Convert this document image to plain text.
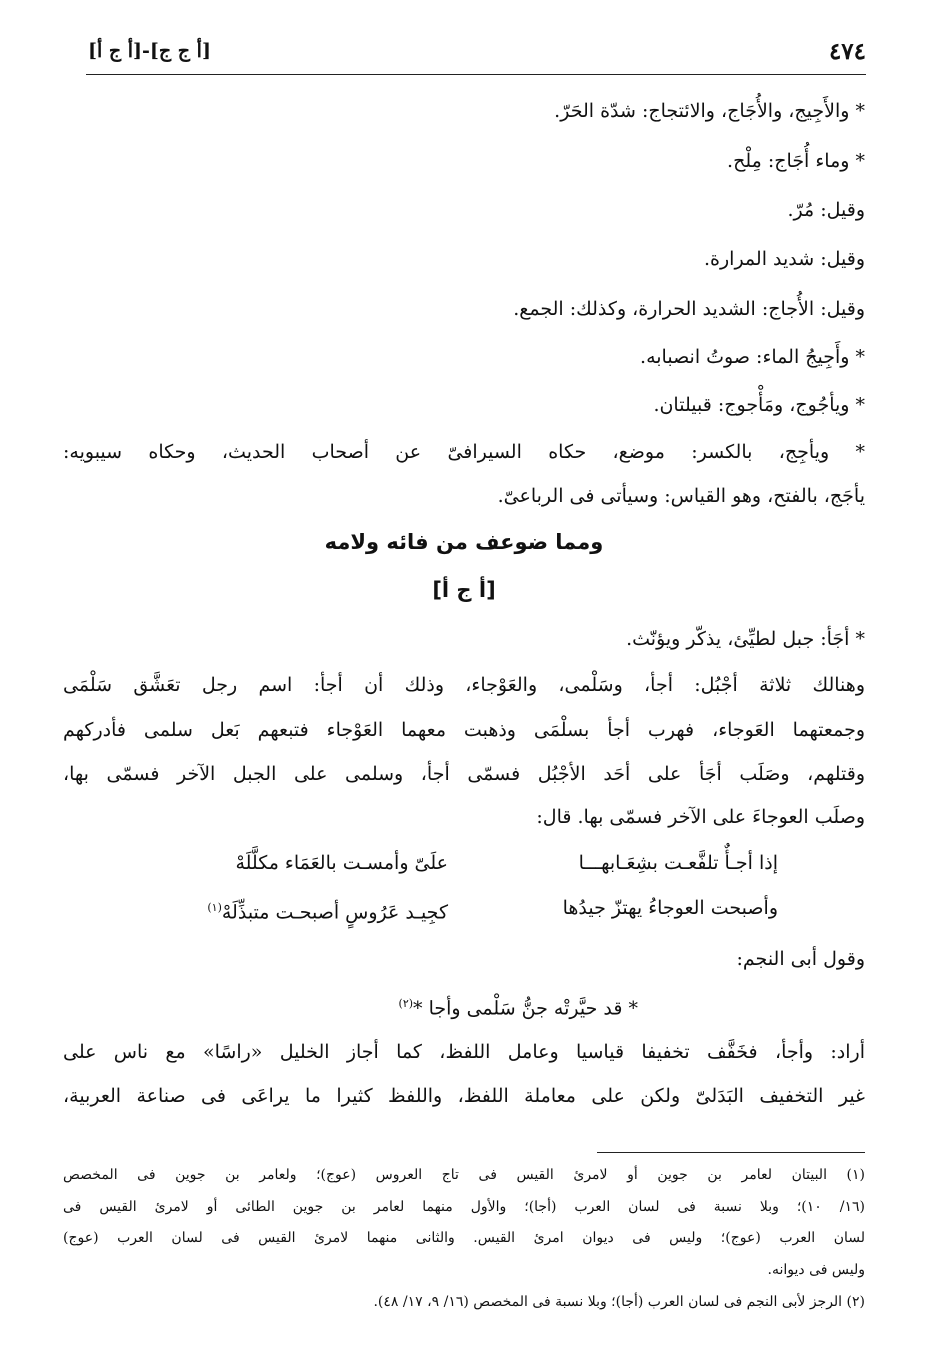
٤٧٤
[أ ج ج]-[أ ج أ]
* والأَجِيج، والأُجَاج، والائتجاج: شدّة الحَرّ.
* وماء أُجَاج: مِلْح.
وقيل: مُرّ.
وقيل: شديد المرارة.
وقيل: الأُجاج: الشديد الحرارة، وكذلك: الجمع.
* وأَجِيجُ الماء: صوتُ انصبابه.
* ويأجُوج، ومَأْجوج: قبيلتان.
* ويأجِج، بالكسر: موضع، حكاه السيرافىّ عن أصحاب الحديث، وحكاه سيبويه:
يأجَج، بالفتح، وهو القياس: وسيأتى فى الرباعىّ.
ومما ضوعف من فائه ولامه
[أ ج أ]
* أجَأ: جبل لطيِّئ، يذكّر ويؤنّث.
وهنالك ثلاثة أجْبُل: أجأ، وسَلْمى، والعَوْجاء، وذلك أن أجأ: اسم رجل تعَشَّق سَلْمَى
وجمعتهما العَوجاء، فهرب أجأ بسلْمَى وذهبت معهما العَوْجاء فتبعهم بَعل سلمى فأدركهم
وقتلهم، وصَلَب أجَأ على أحَد الأجْبُل فسمّى أجأ، وسلمى على الجبل الآخر فسمّى بها،
وصلَب العوجاءَ على الآخر فسمّى بها. قال:
إذا أجـأٌ تلفَّعـت بشِعَـابهـــا
علَىّ وأمسـت بالعَمَاء مكلَّلَهْ
وأصبحت العوجاءُ يهتزّ جيدُها
كجِيـد عَرُوسٍ أصبحـت متبذِّلَهْ$^{(١)}$
وقول أبى النجم:
* قد حيَّرتْه جنُّ سَلْمى وأجا *$^{(٢)}$
أراد: وأجأ، فخَفَّف تخفيفا قياسيا وعامل اللفظ، كما أجاز الخليل «راسًا» مع ناس على
غير التخفيف البَدَلىّ ولكن على معاملة اللفظ، واللفظ كثيرا ما يراعَى فى صناعة العربية،
(١) البيتان لعامر بن جوين أو لامرئ القيس فى تاج العروس (عوج)؛ ولعامر بن جوين فى المخصص
(١٦/ ١٠)؛ وبلا نسبة فى لسان العرب (أجا)؛ والأول منهما لعامر بن جوين الطائى أو لامرئ القيس فى
لسان العرب (عوج)؛ وليس فى ديوان امرئ القيس. والثانى منهما لامرئ القيس فى لسان العرب (عوج)
وليس فى ديوانه.
(٢) الرجز لأبى النجم فى لسان العرب (أجا)؛ وبلا نسبة فى المخصص (١٦/ ٩، ١٧/ ٤٨).
